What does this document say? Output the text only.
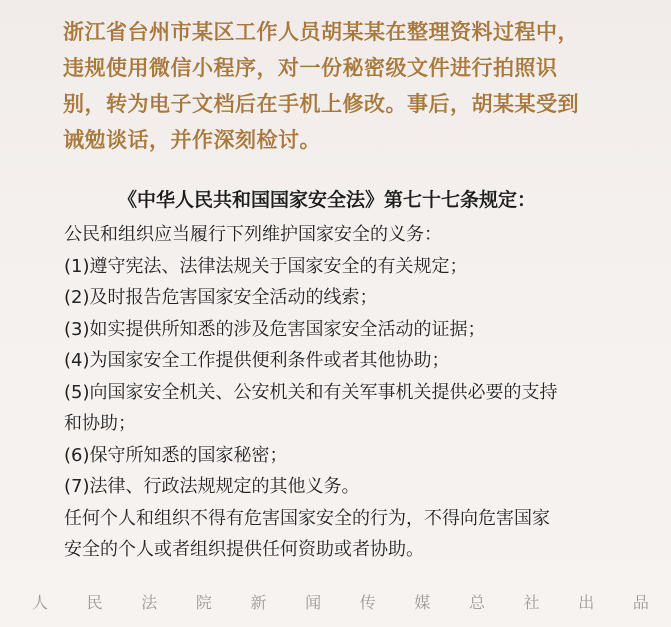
浙江省台州市某区工作人员胡某某在整理资料过程中，
违规使用微信小程序，对一份秘密级文件进行拍照识
别，转为电子文档后在手机上修改。事后，胡某某受到
诫勉谈话，并作深刻检讨。

《中华人民共和国国家安全法》第七十七条规定：

公民和组织应当履行下列维护国家安全的义务：

(1)遵守宪法、法律法规关于国家安全的有关规定；

(2)及时报告危害国家安全活动的线索；

(3)如实提供所知悉的涉及危害国家安全活动的证据；

(4)为国家安全工作提供便利条件或者其他协助；

(5)向国家安全机关、公安机关和有关军事机关提供必要的支持

和协助；

(6)保守所知悉的国家秘密；

(7)法律、行政法规规定的其他义务。

任何个人和组织不得有危害国家安全的行为，不得向危害国家

安全的个人或者组织提供任何资助或者协助。

人 民 法 院 新 闻 传 媒 总 社 出 品
